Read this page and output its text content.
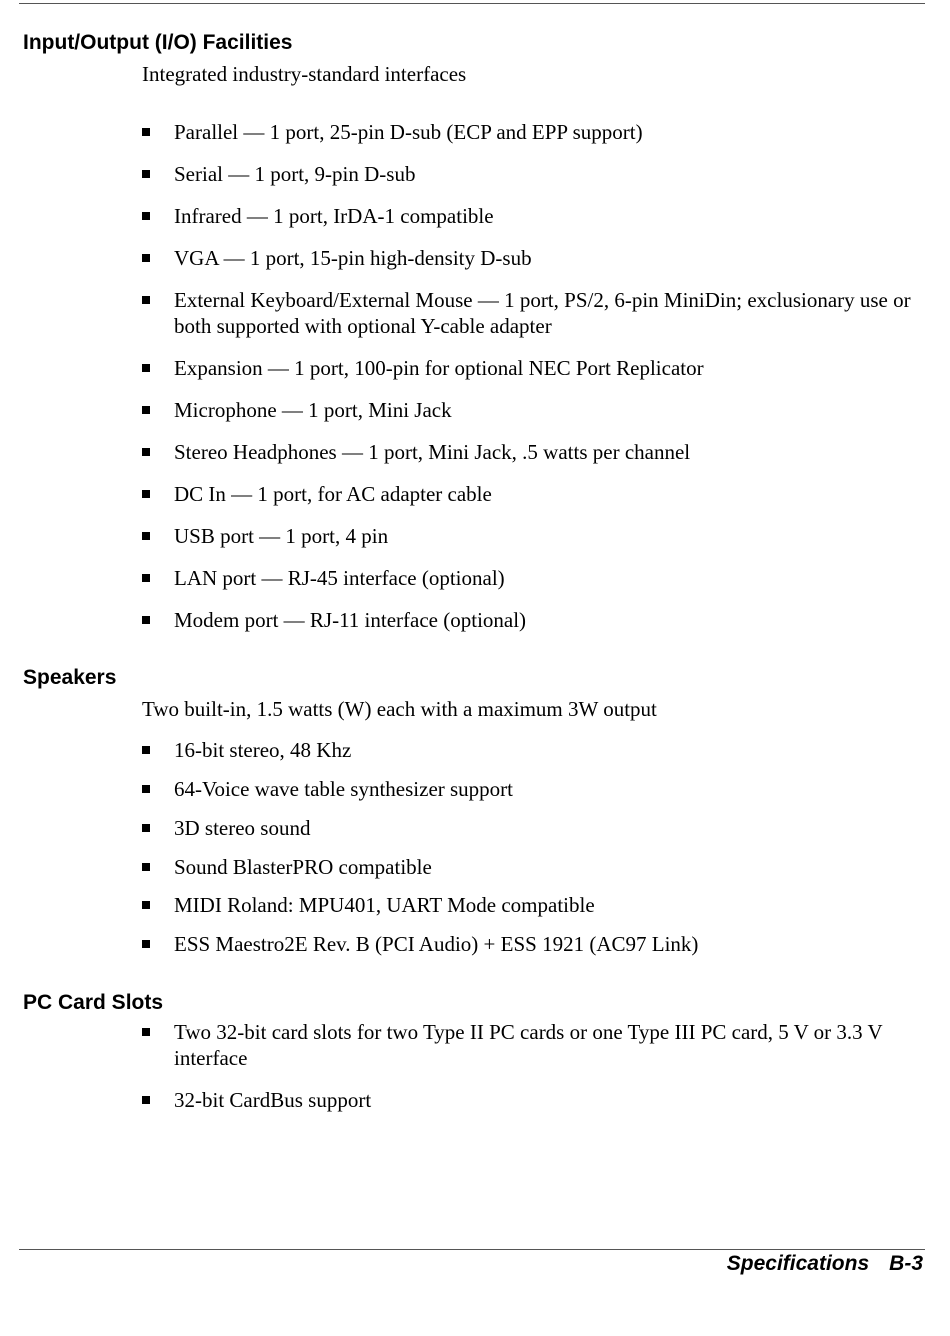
Input/Output (I/O) Facilities

Integrated industry-standard interfaces

Parallel — 1 port, 25-pin D-sub (ECP and EPP support)
Serial — 1 port, 9-pin D-sub
Infrared — 1 port, IrDA-1 compatible
VGA — 1 port, 15-pin high-density D-sub
External Keyboard/External Mouse — 1 port, PS/2, 6-pin MiniDin; exclusionary use or both supported with optional Y-cable adapter
Expansion — 1 port, 100-pin for optional NEC Port Replicator
Microphone — 1 port, Mini Jack
Stereo Headphones — 1 port, Mini Jack, .5 watts per channel
DC In — 1 port, for AC adapter cable
USB port — 1 port, 4 pin
LAN port — RJ-45 interface (optional)
Modem port — RJ-11 interface (optional)
Speakers

Two built-in, 1.5 watts (W) each with a maximum 3W output

16-bit stereo, 48 Khz
64-Voice wave table synthesizer support
3D stereo sound
Sound BlasterPRO compatible
MIDI Roland: MPU401, UART Mode compatible
ESS Maestro2E Rev. B (PCI Audio) + ESS 1921 (AC97 Link)
PC Card Slots
Two 32-bit card slots for two Type II PC cards or one Type III PC card, 5 V or 3.3 V interface
32-bit CardBus support
Specifications B-3
